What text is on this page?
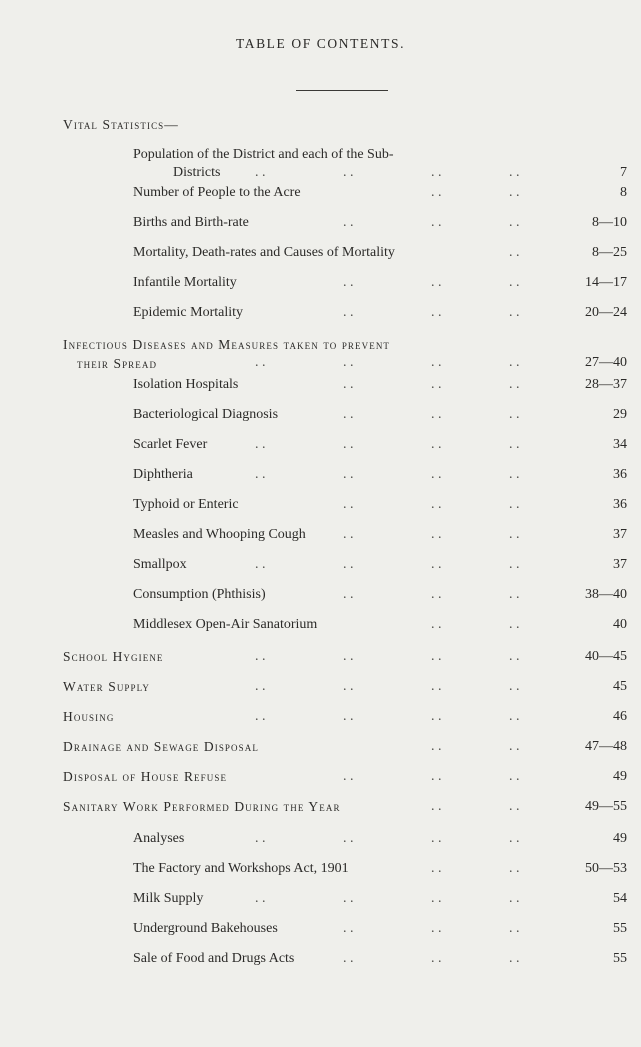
TABLE OF CONTENTS.
Vital Statistics—
Population of the District and each of the Sub-
Districts	. .	. .	. .	. .	7
Number of People to the Acre	. .	. .	8
Births and Birth-rate	. .	. .	. .	8—10
Mortality, Death-rates and Causes of Mortality	. .	8—25
Infantile Mortality	. .	. .	. .	14—17
Epidemic Mortality	. .	. .	. .	20—24
Infectious Diseases and Measures taken to prevent
their Spread	. .	. .	. .	. .	27—40
Isolation Hospitals	. .	. .	. .	28—37
Bacteriological Diagnosis	. .	. .	. .	29
Scarlet Fever	. .	. .	. .	. .	34
Diphtheria	. .	. .	. .	. .	36
Typhoid or Enteric	. .	. .	. .	36
Measles and Whooping Cough	. .	. .	. .	37
Smallpox	. .	. .	. .	. .	37
Consumption (Phthisis)	. .	. .	. .	38—40
Middlesex Open-Air Sanatorium	. .	. .	40
School Hygiene	. .	. .	. .	. .	40—45
Water Supply	. .	. .	. .	. .	45
Housing	. .	. .	. .	. .	46
Drainage and Sewage Disposal	. .	. .	47—48
Disposal of House Refuse	. .	. .	. .	49
Sanitary Work Performed During the Year	. .	. .	49—55
Analyses	. .	. .	. .	. .	49
The Factory and Workshops Act, 1901	. .	. .	50—53
Milk Supply	. .	. .	. .	. .	54
Underground Bakehouses	. .	. .	. .	55
Sale of Food and Drugs Acts	. .	. .	. .	55
